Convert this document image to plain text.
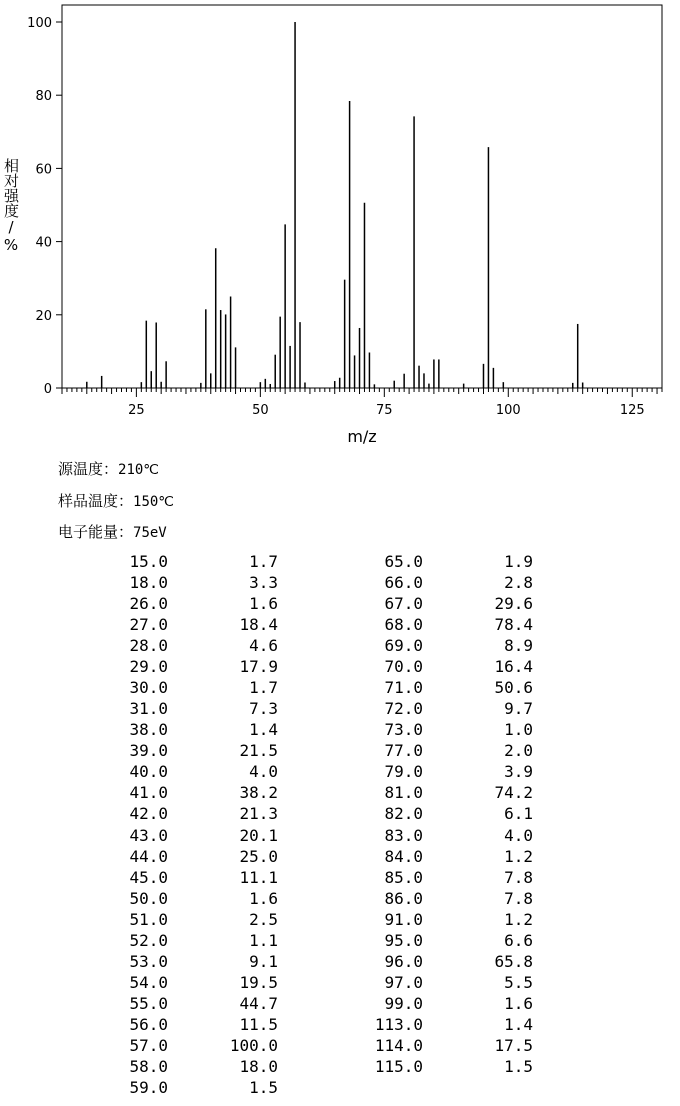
0
20
40
60
80
100
25	50	75	100	125
m/z
相对强度/%
源温度：210℃
样品温度：150℃
电子能量：75eV
15.0	1.7
18.0	3.3
26.0	1.6
27.0	18.4
28.0	4.6
29.0	17.9
30.0	1.7
31.0	7.3
38.0	1.4
39.0	21.5
40.0	4.0
41.0	38.2
42.0	21.3
43.0	20.1
44.0	25.0
45.0	11.1
50.0	1.6
51.0	2.5
52.0	1.1
53.0	9.1
54.0	19.5
55.0	44.7
56.0	11.5
57.0	100.0
58.0	18.0
59.0	1.5
65.0	1.9
66.0	2.8
67.0	29.6
68.0	78.4
69.0	8.9
70.0	16.4
71.0	50.6
72.0	9.7
73.0	1.0
77.0	2.0
79.0	3.9
81.0	74.2
82.0	6.1
83.0	4.0
84.0	1.2
85.0	7.8
86.0	7.8
91.0	1.2
95.0	6.6
96.0	65.8
97.0	5.5
99.0	1.6
113.0	1.4
114.0	17.5
115.0	1.5
